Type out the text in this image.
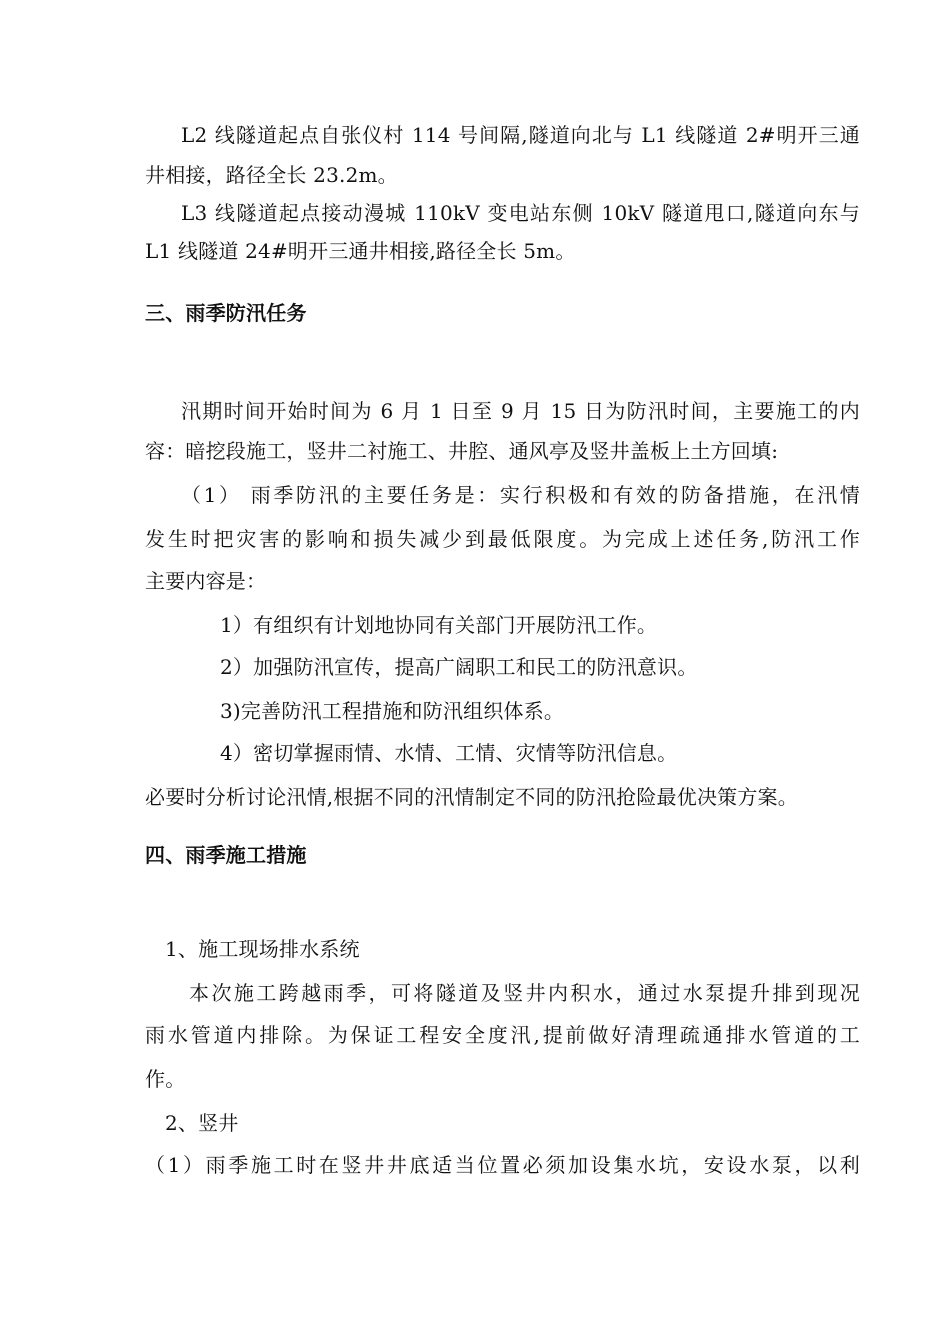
L2 线隧道起点自张仪村 114 号间隔,隧道向北与 L1 线隧道 2#明开三通
井相接，路径全长 23.2m。
L3 线隧道起点接动漫城 110kV 变电站东侧 10kV 隧道甩口,隧道向东与
L1 线隧道 24#明开三通井相接,路径全长 5m。
三、雨季防汛任务
汛期时间开始时间为 6 月 1 日至 9 月 15 日为防汛时间，主要施工的内
容：暗挖段施工，竖井二衬施工、井腔、通风亭及竖井盖板上土方回填:
（1） 雨季防汛的主要任务是：实行积极和有效的防备措施，在汛情
发生时把灾害的影响和损失减少到最低限度。为完成上述任务,防汛工作
主要内容是：
1）有组织有计划地协同有关部门开展防汛工作。
2）加强防汛宣传，提高广阔职工和民工的防汛意识。
3)完善防汛工程措施和防汛组织体系。
4）密切掌握雨情、水情、工情、灾情等防汛信息。
必要时分析讨论汛情,根据不同的汛情制定不同的防汛抢险最优决策方案。
四、雨季施工措施
1、施工现场排水系统
本次施工跨越雨季，可将隧道及竖井内积水，通过水泵提升排到现况
雨水管道内排除。为保证工程安全度汛,提前做好清理疏通排水管道的工
作。
2、竖井
（1）雨季施工时在竖井井底适当位置必须加设集水坑，安设水泵，以利
